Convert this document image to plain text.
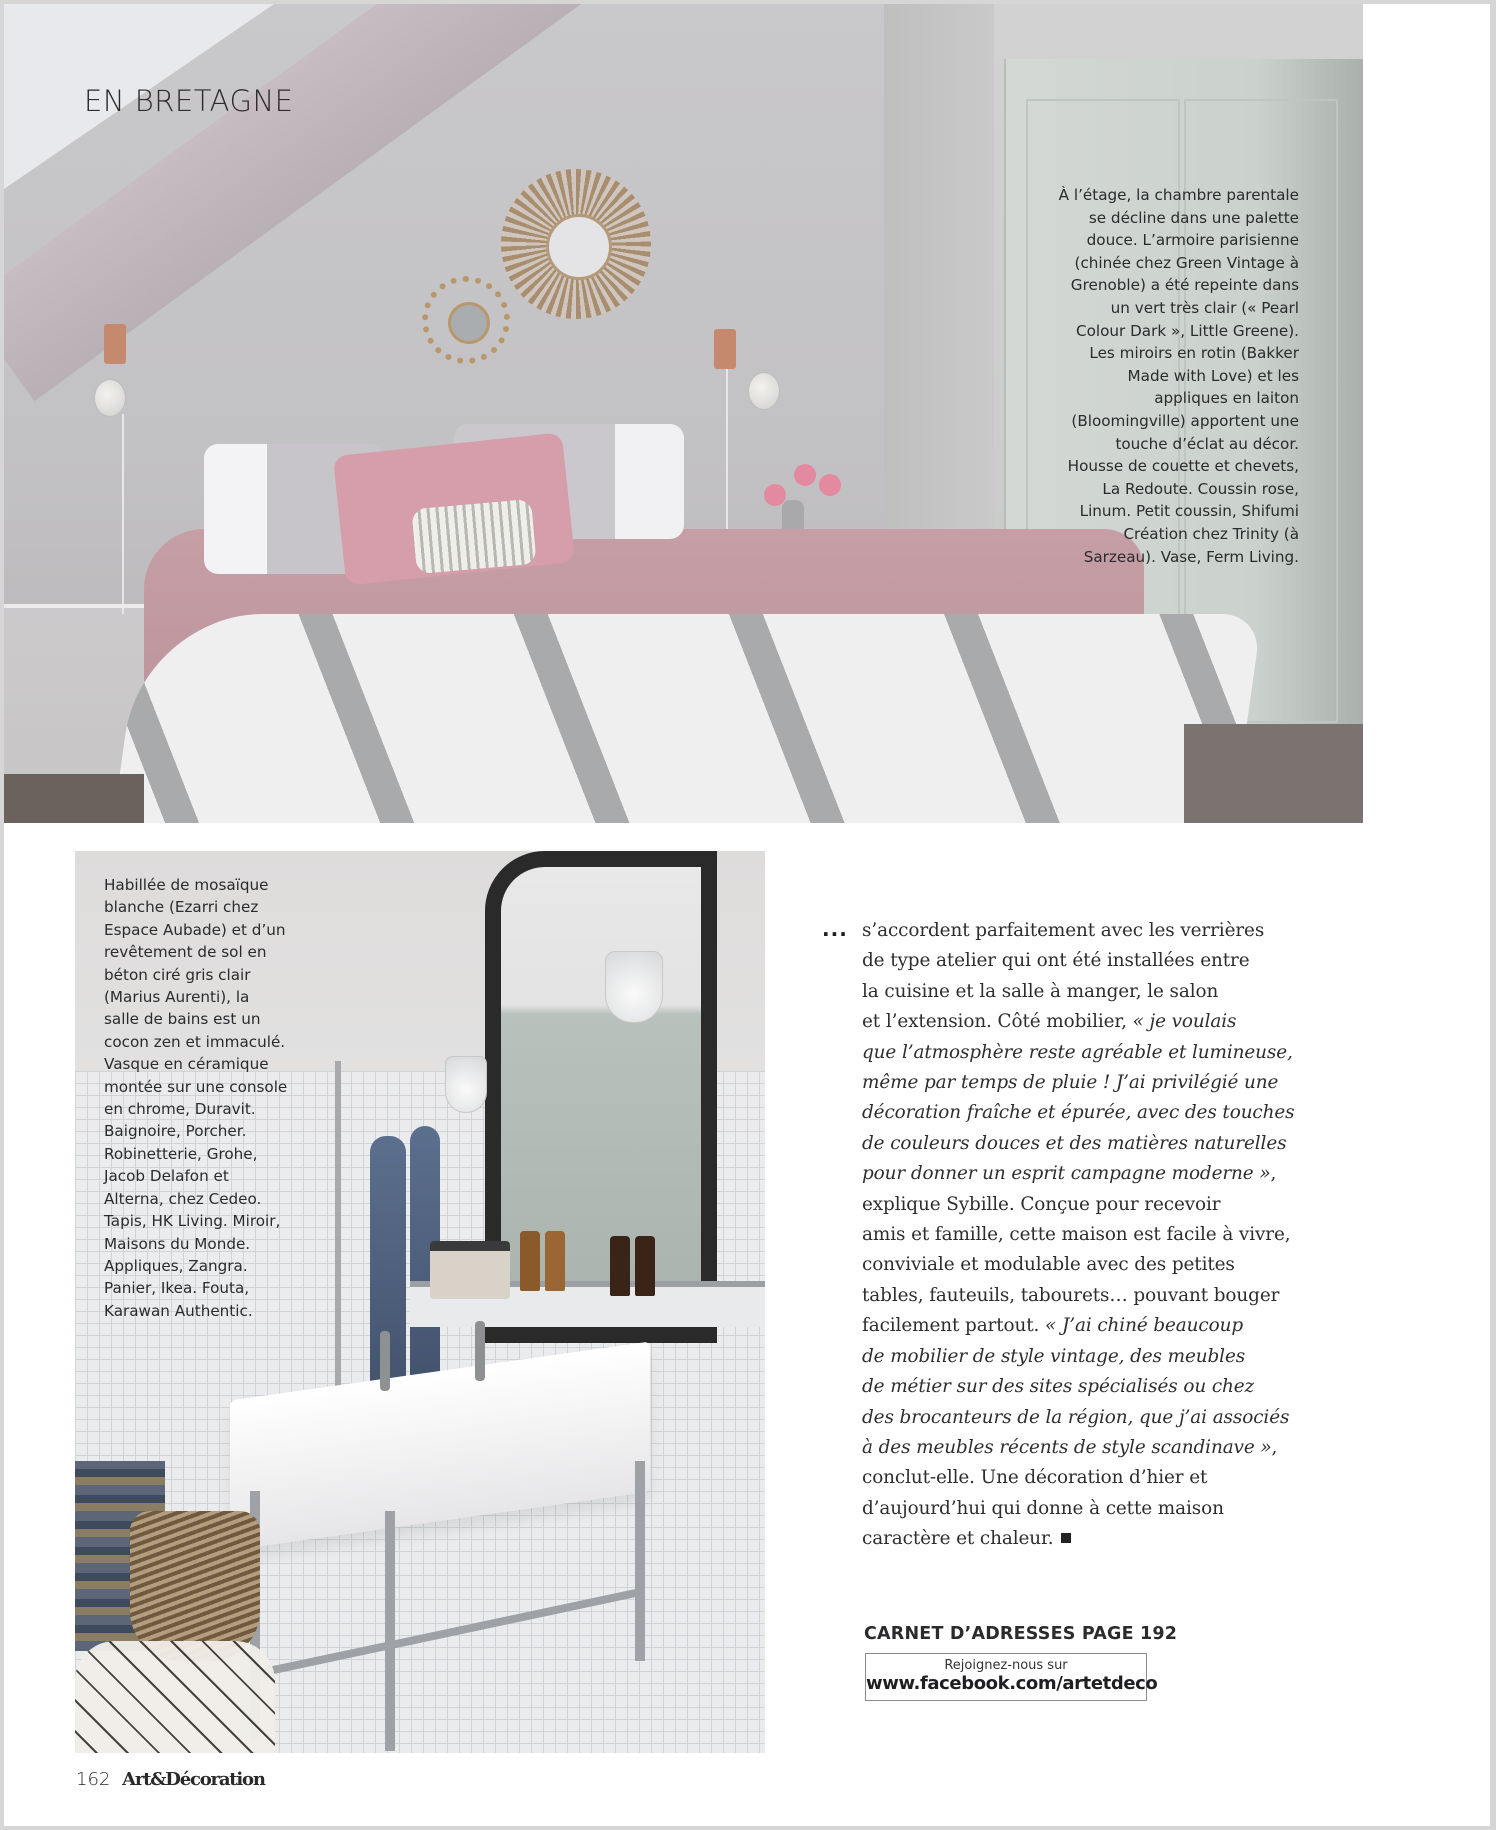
EN BRETAGNE
À l’étage, la chambre parentale
se décline dans une palette
douce. L’armoire parisienne
(chinée chez Green Vintage à
Grenoble) a été repeinte dans
un vert très clair (« Pearl
Colour Dark », Little Greene).
Les miroirs en rotin (Bakker
Made with Love) et les
appliques en laiton
(Bloomingville) apportent une
touche d’éclat au décor.
Housse de couette et chevets,
La Redoute. Coussin rose,
Linum. Petit coussin, Shifumi
Création chez Trinity (à
Sarzeau). Vase, Ferm Living.
Habillée de mosaïque
blanche (Ezarri chez
Espace Aubade) et d’un
revêtement de sol en
béton ciré gris clair
(Marius Aurenti), la
salle de bains est un
cocon zen et immaculé.
Vasque en céramique
montée sur une console
en chrome, Duravit.
Baignoire, Porcher.
Robinetterie, Grohe,
Jacob Delafon et
Alterna, chez Cedeo.
Tapis, HK Living. Miroir,
Maisons du Monde.
Appliques, Zangra.
Panier, Ikea. Fouta,
Karawan Authentic.
... s’accordent parfaitement avec les verrières
de type atelier qui ont été installées entre
la cuisine et la salle à manger, le salon
et l’extension. Côté mobilier, « je voulais
que l’atmosphère reste agréable et lumineuse,
même par temps de pluie ! J’ai privilégié une
décoration fraîche et épurée, avec des touches
de couleurs douces et des matières naturelles
pour donner un esprit campagne moderne »,
explique Sybille. Conçue pour recevoir
amis et famille, cette maison est facile à vivre,
conviviale et modulable avec des petites
tables, fauteuils, tabourets… pouvant bouger
facilement partout. « J’ai chiné beaucoup
de mobilier de style vintage, des meubles
de métier sur des sites spécialisés ou chez
des brocanteurs de la région, que j’ai associés
à des meubles récents de style scandinave »,
conclut-elle. Une décoration d’hier et
d’aujourd’hui qui donne à cette maison
caractère et chaleur.
CARNET D’ADRESSES PAGE 192
Rejoignez-nous sur
www.facebook.com/artetdeco
162 Art&Décoration
